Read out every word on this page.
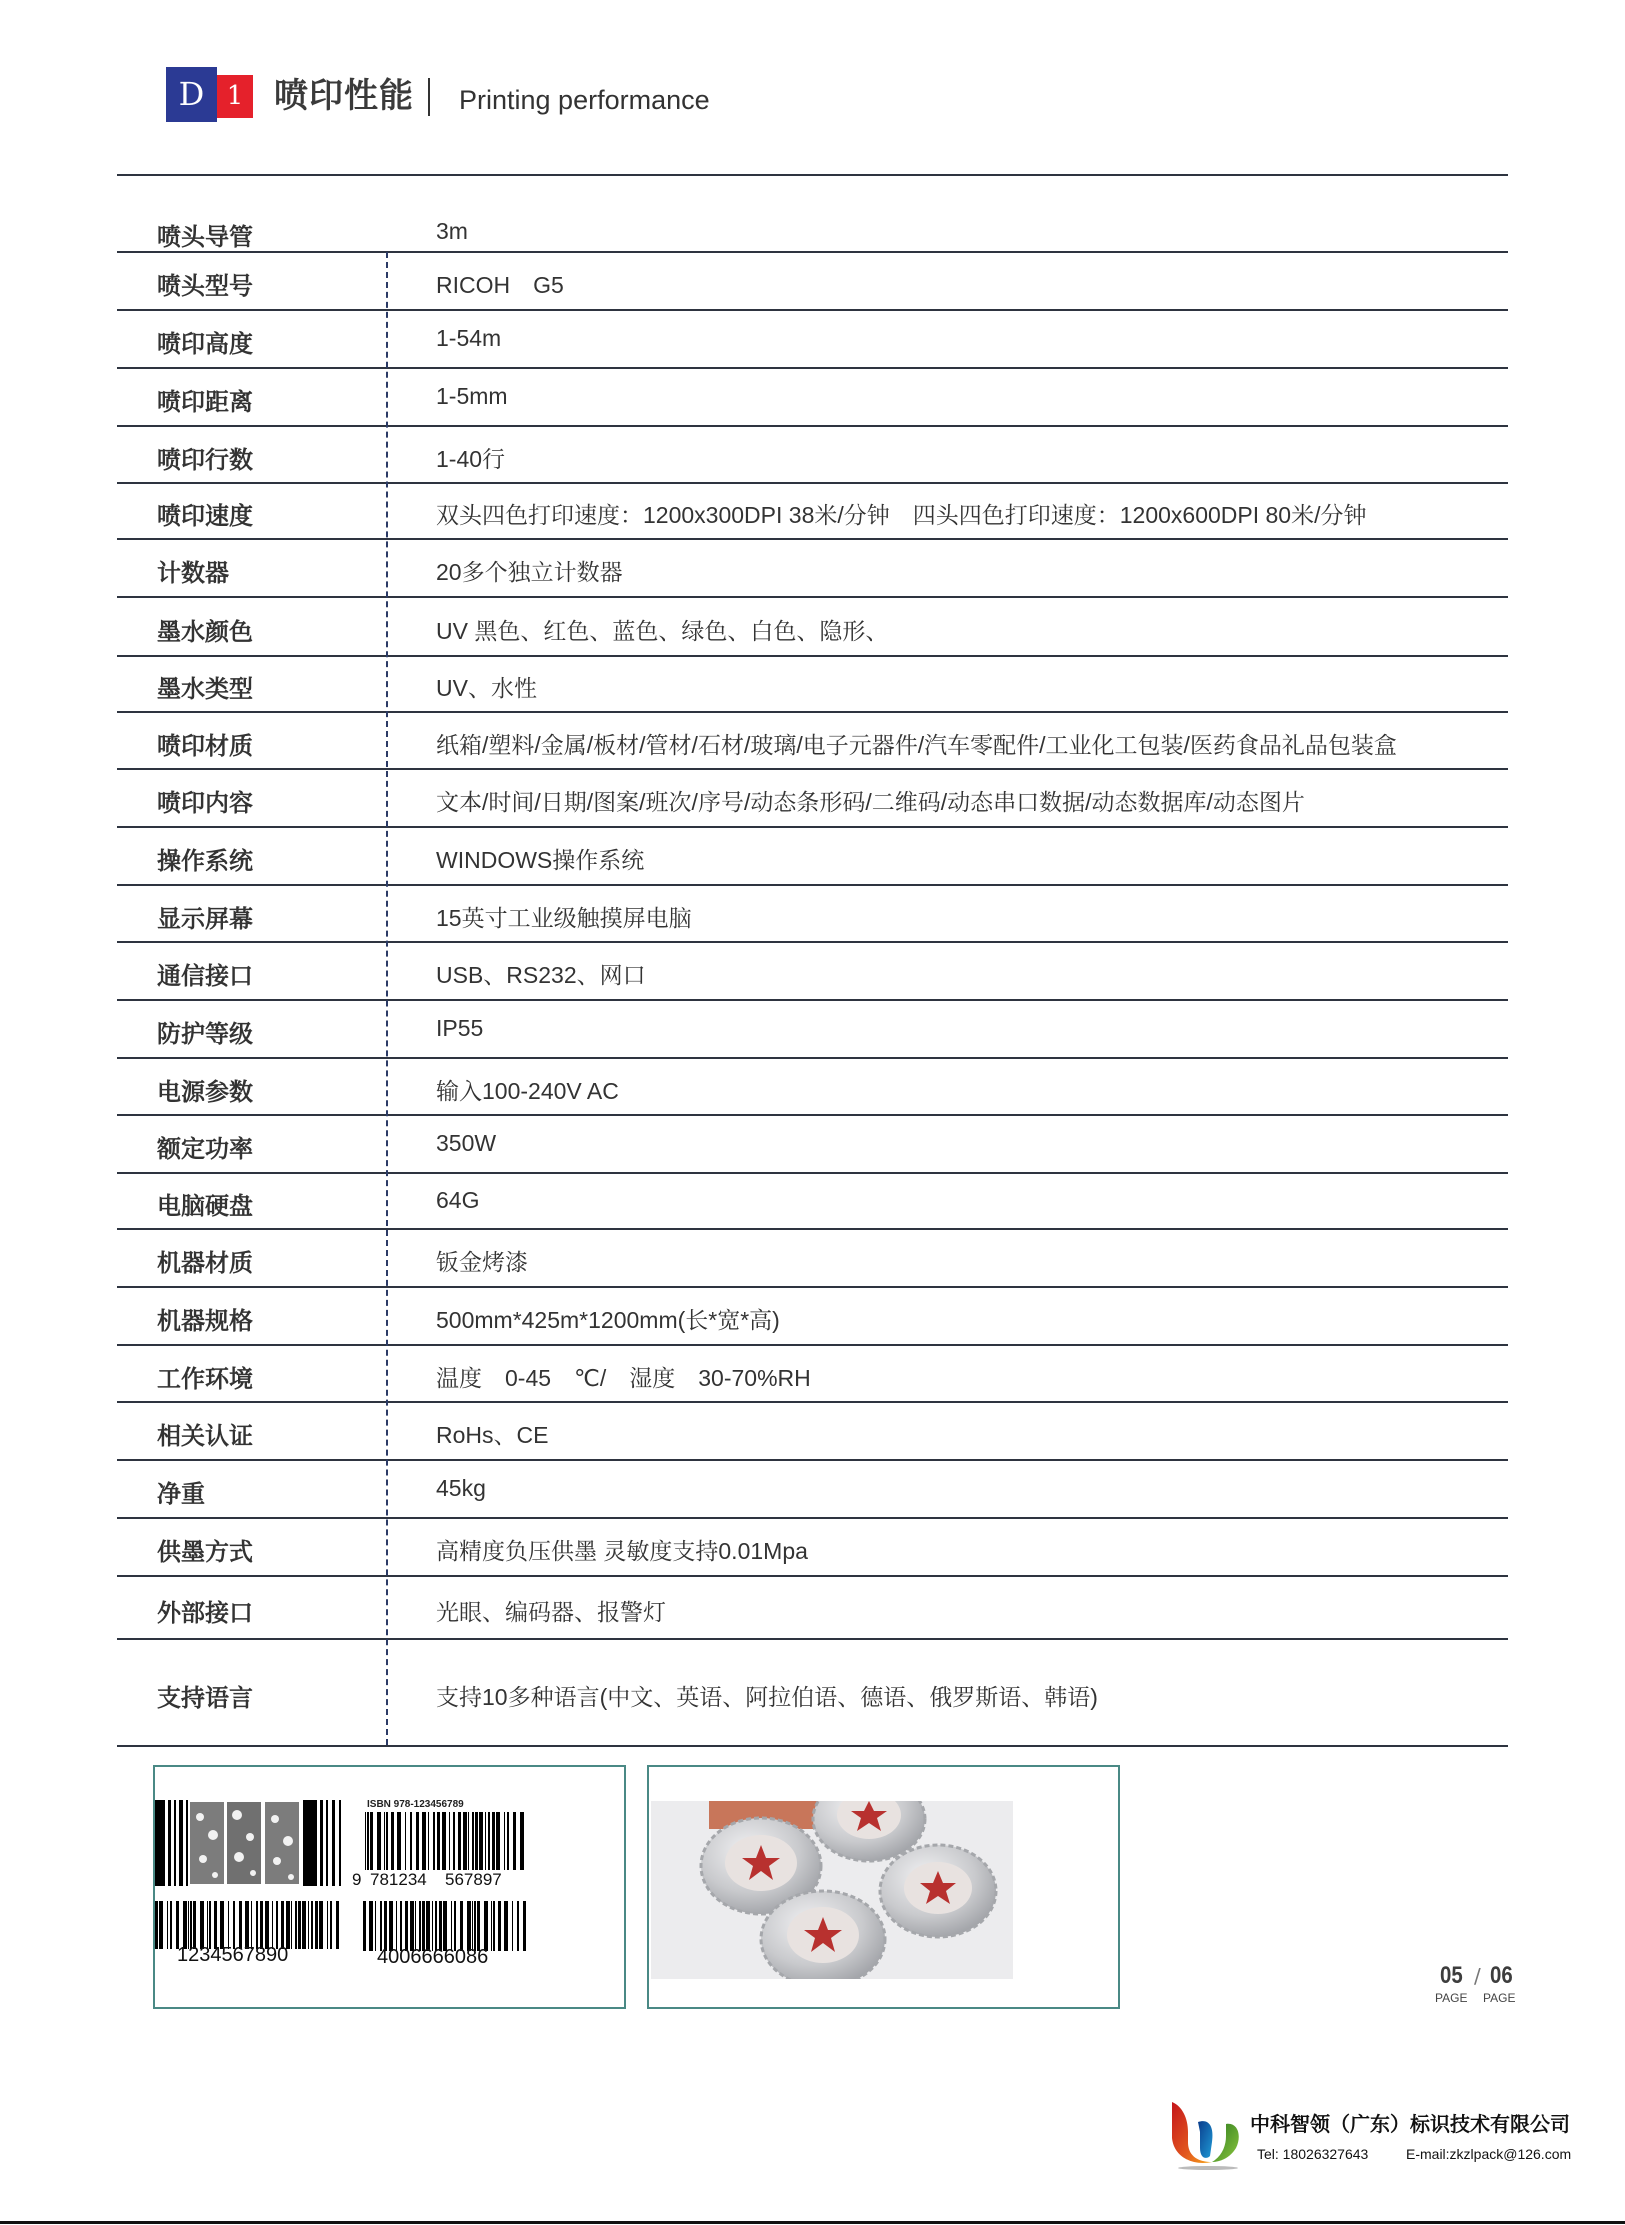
D 1 喷印性能 Printing performance
喷头导管	3m
喷头型号	RICOH　G5
喷印高度	1-54m
喷印距离	1-5mm
喷印行数	1-40行
喷印速度	双头四色打印速度：1200x300DPI 38米/分钟　四头四色打印速度：1200x600DPI 80米/分钟
计数器	20多个独立计数器
墨水颜色	UV 黑色、红色、蓝色、绿色、白色、隐形、
墨水类型	UV、水性
喷印材质	纸箱/塑料/金属/板材/管材/石材/玻璃/电子元器件/汽车零配件/工业化工包装/医药食品礼品包装盒
喷印内容	文本/时间/日期/图案/班次/序号/动态条形码/二维码/动态串口数据/动态数据库/动态图片
操作系统	WINDOWS操作系统
显示屏幕	15英寸工业级触摸屏电脑
通信接口	USB、RS232、网口
防护等级	IP55
电源参数	输入100-240V AC
额定功率	350W
电脑硬盘	64G
机器材质	钣金烤漆
机器规格	500mm*425m*1200mm(长*宽*高)
工作环境	温度　0-45　℃/　湿度　30-70%RH
相关认证	RoHs、CE
净重	45kg
供墨方式	高精度负压供墨 灵敏度支持0.01Mpa
外部接口	光眼、编码器、报警灯
支持语言	支持10多种语言(中文、英语、阿拉伯语、德语、俄罗斯语、韩语)
ISBN 978-123456789
9 781234 567897
1234567890	4006666086
05 / 06
PAGE PAGE
中科智领（广东）标识技术有限公司
Tel: 18026327643	E-mail:zkzlpack@126.com
